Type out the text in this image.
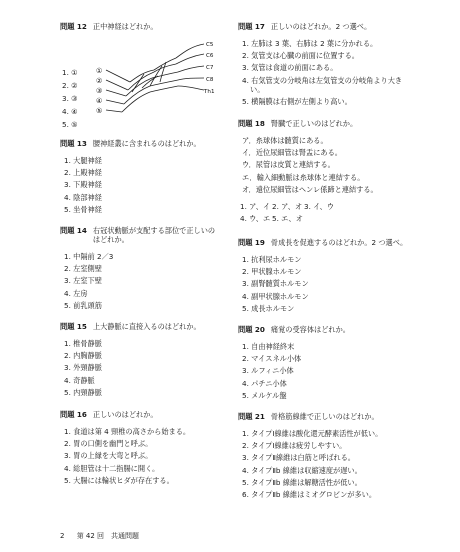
問題 12 正中神経はどれか。
1. ①
2. ②
3. ③
4. ④
5. ⑤
①
②
③
④
⑤
C5
C6
C7
C8
Th1
問題 13 腰神経叢に含まれるのはどれか。
1. 大腿神経
2. 上殿神経
3. 下殿神経
4. 陰部神経
5. 坐骨神経
問題 14 右冠状動脈が支配する部位で正しいのはどれか。
1. 中隔前 2／3
2. 左室側壁
3. 左室下壁
4. 左房
5. 前乳頭筋
問題 15 上大静脈に直接入るのはどれか。
1. 椎骨静脈
2. 内胸静脈
3. 外頸静脈
4. 奇静脈
5. 内頸静脈
問題 16 正しいのはどれか。
1. 食道は第 4 頸椎の高さから始まる。
2. 胃の口側を幽門と呼ぶ。
3. 胃の上縁を大弯と呼ぶ。
4. 総胆管は十二指腸に開く。
5. 大腸には輪状ヒダが存在する。
問題 17 正しいのはどれか。2 つ選べ。
1. 左肺は 3 葉、右肺は 2 葉に分かれる。
2. 気管支は心臓の前面に位置する。
3. 気管は食道の前面にある。
4. 右気管支の分岐角は左気管支の分岐角より大きい。
5. 横隔膜は右側が左側より高い。
問題 18 腎臓で正しいのはどれか。
ア．糸球体は髄質にある。
イ．近位尿細管は腎盂にある。
ウ．尿管は皮質と連結する。
エ．輸入細動脈は糸球体と連結する。
オ．遠位尿細管はヘンレ係蹄と連結する。
1. ア、イ 2. ア、オ 3. イ、ウ
4. ウ、エ 5. エ、オ
問題 19 骨成長を促進するのはどれか。2 つ選べ。
1. 抗利尿ホルモン
2. 甲状腺ホルモン
3. 副腎髄質ホルモン
4. 副甲状腺ホルモン
5. 成長ホルモン
問題 20 痛覚の受容体はどれか。
1. 自由神経終末
2. マイスネル小体
3. ルフィニ小体
4. パチニ小体
5. メルケル盤
問題 21 骨格筋線維で正しいのはどれか。
1. タイプⅠ線維は酸化還元酵素活性が低い。
2. タイプⅠ線維は疲労しやすい。
3. タイプⅡ線維は白筋と呼ばれる。
4. タイプⅡb 線維は収縮速度が遅い。
5. タイプⅡb 線維は解糖活性が低い。
6. タイプⅡb 線維はミオグロビンが多い。
2 第 42 回　共通問題
